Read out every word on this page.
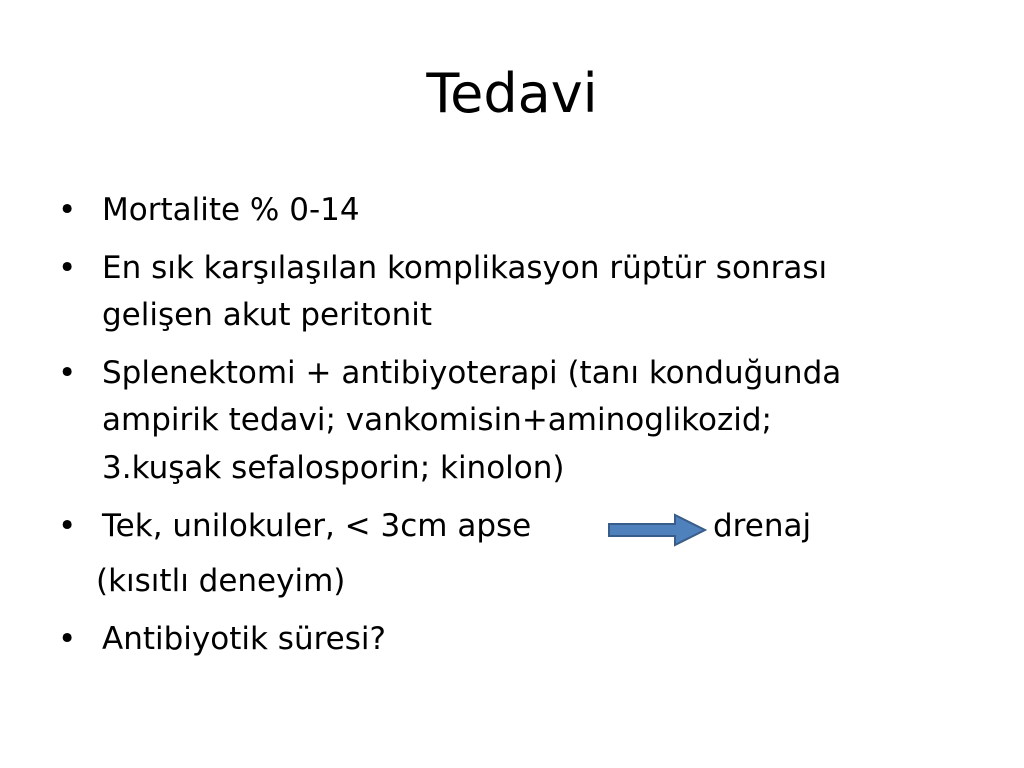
Tedavi
• Mortalite % 0-14
• En sık karşılaşılan komplikasyon rüptür sonrası
gelişen akut peritonit
• Splenektomi + antibiyoterapi (tanı konduğunda
ampirik tedavi; vankomisin+aminoglikozid;
3.kuşak sefalosporin; kinolon)
• Tek, unilokuler, < 3cm apse	drenaj
(kısıtlı deneyim)
• Antibiyotik süresi?
